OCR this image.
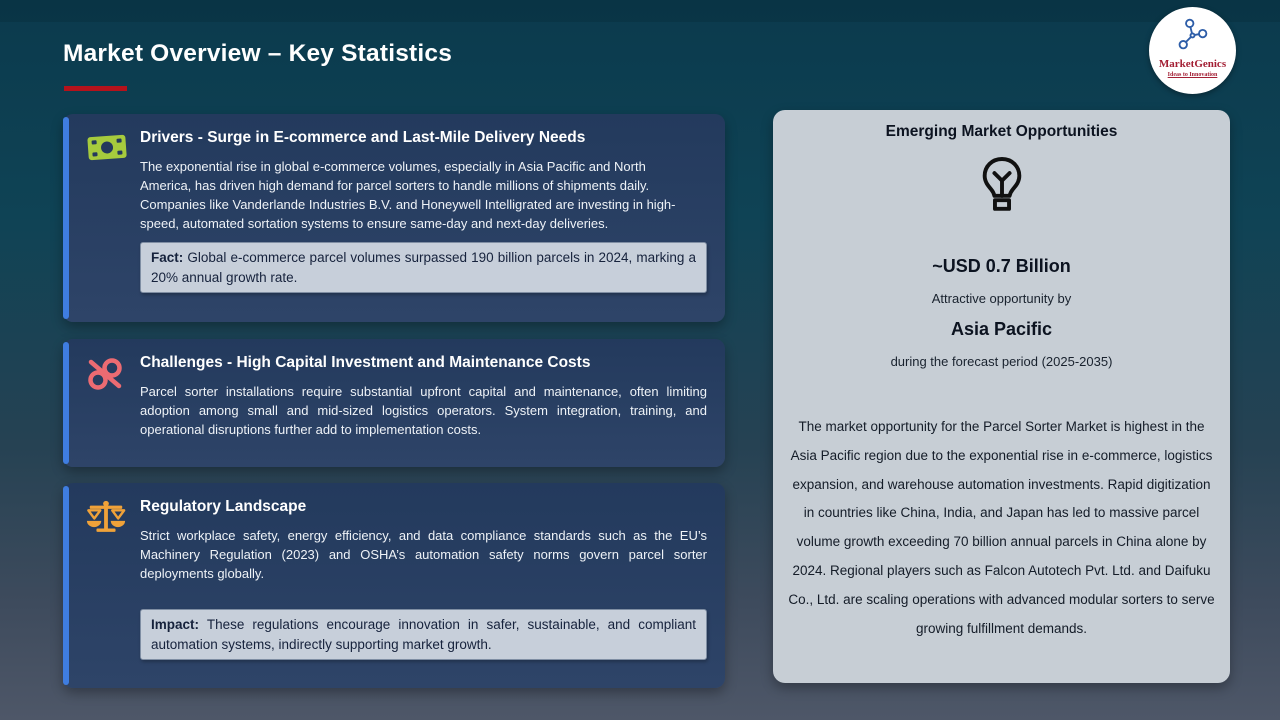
Market Overview – Key Statistics	MarketGenics
Ideas to Innovation
Drivers - Surge in E-commerce and Last-Mile Delivery Needs

The exponential rise in global e-commerce volumes, especially in Asia Pacific and North America, has driven high demand for parcel sorters to handle millions of shipments daily. Companies like Vanderlande Industries B.V. and Honeywell Intelligrated are investing in high-speed, automated sortation systems to ensure same-day and next-day deliveries.

Fact: Global e-commerce parcel volumes surpassed 190 billion parcels in 2024, marking a 20% annual growth rate.
Challenges - High Capital Investment and Maintenance Costs

Parcel sorter installations require substantial upfront capital and maintenance, often limiting adoption among small and mid-sized logistics operators. System integration, training, and operational disruptions further add to implementation costs.

Regulatory Landscape

Strict workplace safety, energy efficiency, and data compliance standards such as the EU’s Machinery Regulation (2023) and OSHA’s automation safety norms govern parcel sorter deployments globally.

Impact: These regulations encourage innovation in safer, sustainable, and compliant automation systems, indirectly supporting market growth.
Emerging Market Opportunities
~USD 0.7 Billion
Attractive opportunity by
Asia Pacific
during the forecast period (2025-2035)

The market opportunity for the Parcel Sorter Market is highest in the Asia Pacific region due to the exponential rise in e-commerce, logistics expansion, and warehouse automation investments. Rapid digitization in countries like China, India, and Japan has led to massive parcel volume growth exceeding 70 billion annual parcels in China alone by 2024. Regional players such as Falcon Autotech Pvt. Ltd. and Daifuku Co., Ltd. are scaling operations with advanced modular sorters to serve growing fulfillment demands.
